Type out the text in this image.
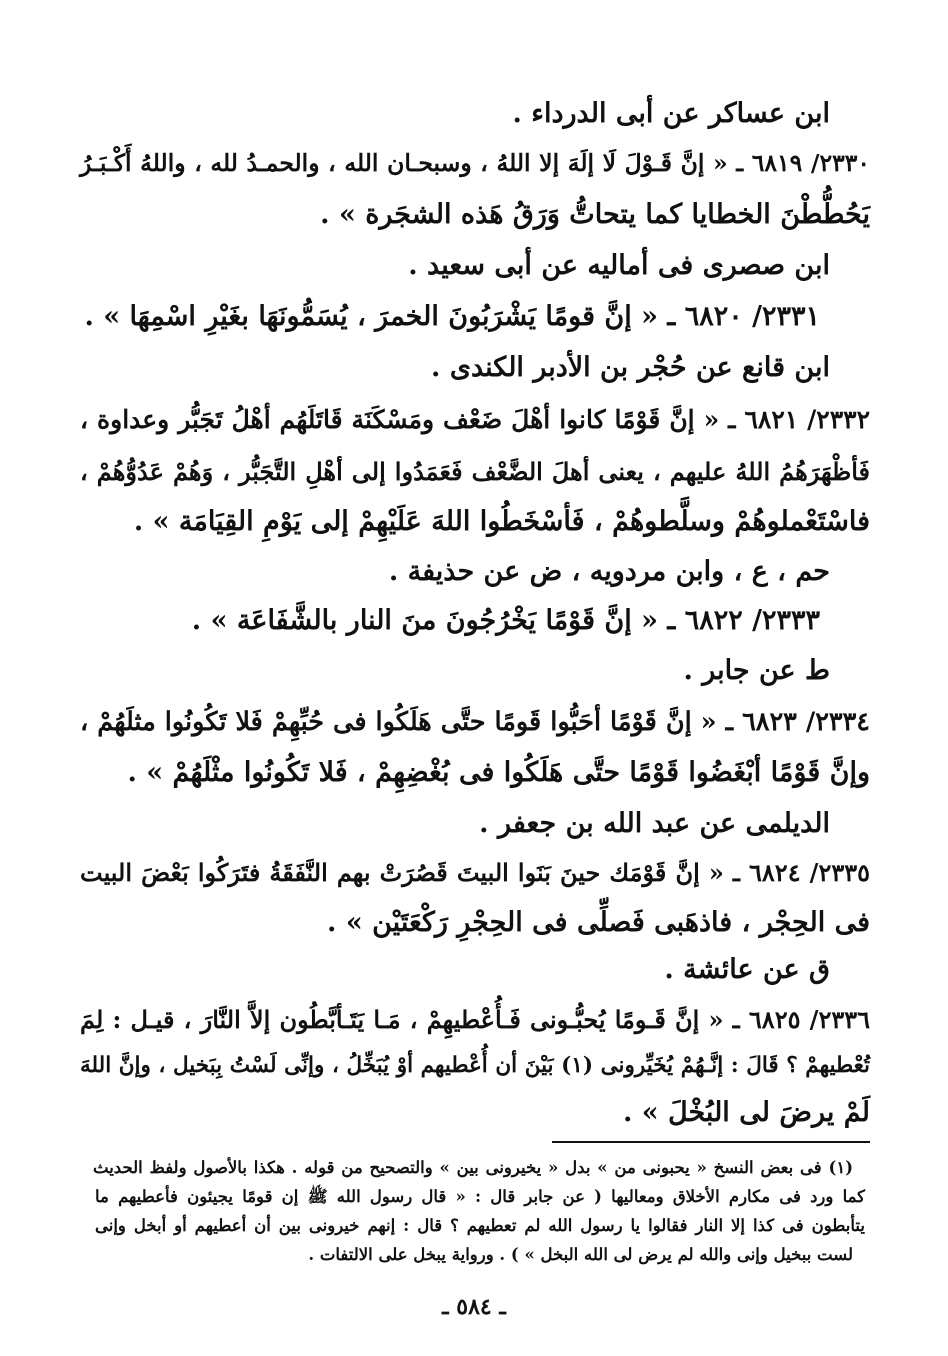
ابن عساكر عن أبى الدرداء .
٢٣٣٠/ ٦٨١٩ ـ « إنَّ قَـوْلَ لَا إلَهَ إلا اللهُ ، وسبحـان الله ، والحمـدُ لله ، واللهُ أَكْـبَـرُ
يَحُطُّطْنَ الخطايا كما يتحاتُّ وَرَقُ هَذه الشجَرة » .
ابن صصرى فى أماليه عن أبى سعيد .
٢٣٣١/ ٦٨٢٠ ـ « إنَّ قومًا يَشْرَبُونَ الخمرَ ، يُسَمُّونَهَا بغَيْرِ اسْمِهَا » .
ابن قانع عن حُجْر بن الأدبر الكندى .
٢٣٣٢/ ٦٨٢١ ـ « إنَّ قَوْمًا كانوا أهْلَ ضَعْف ومَسْكَنَة قَاتَلَهُم أهْلُ تَجَبُّر وعداوة ،
فَأظْهَرَهُمُ اللهُ عليهم ، يعنى أهلَ الضَّعْف فَعَمَدُوا إلى أهْلِ التَّجَبُّر ، وَهُمْ عَدُوُّهُمْ ،
فاسْتَعْملوهُمْ وسلَّطوهُمْ ، فَأسْخَطُوا اللهَ عَلَيْهِمْ إلى يَوْمِ القِيَامَة » .
حم ، ع ، وابن مردويه ، ض عن حذيفة .
٢٣٣٣/ ٦٨٢٢ ـ « إنَّ قَوْمًا يَخْرُجُونَ منَ النار بالشَّفَاعَة » .
ط عن جابر .
٢٣٣٤/ ٦٨٢٣ ـ « إنَّ قَوْمًا أحَبُّوا قَومًا حتَّى هَلَكُوا فى حُبِّهِمْ فَلا تَكُونُوا مثلَهُمْ ،
وإنَّ قَوْمًا أبْغَضُوا قَوْمًا حتَّى هَلَكُوا فى بُغْضِهِمْ ، فَلا تَكُونُوا مثْلَهُمْ » .
الديلمى عن عبد الله بن جعفر .
٢٣٣٥/ ٦٨٢٤ ـ « إنَّ قَوْمَك حينَ بَنَوا البيتَ قَصُرَتْ بهم النَّفَقَةُ فتَرَكُوا بَعْضَ البيت
فى الحِجْر ، فاذهَبى فَصلِّى فى الحِجْرِ رَكْعَتَيْن » .
ق عن عائشة .
٢٣٣٦/ ٦٨٢٥ ـ « إنَّ قَـومًا يُحبُّـونى فَـأُعْطيهِمْ ، مَـا يَتَـأبَّطُون إلاَّ النَّارَ ، قيـل : لِمَ
تُعْطيهمْ ؟ قَالَ : إنَّـهُمْ يُخَيِّرونى (١) بَيْنَ أن أُعْطيهم أوْ يُبَخِّلُ ، وإنِّى لَسْتُ بِبَخيل ، وإنَّ اللهَ
لَمْ يرضَ لى البُخْلَ » .
(١) فى بعض النسخ « يحبونى من » بدل « يخيرونى بين » والتصحيح من قوله . هكذا بالأصول ولفظ الحديث
كما ورد فى مكارم الأخلاق ومعاليها ( عن جابر قال : « قال رسول الله ﷺ إن قومًا يجيئون فأعطيهم ما
يتأبطون فى كذا إلا النار فقالوا يا رسول الله لم تعطيهم ؟ قال : إنهم خيرونى بين أن أعطيهم أو أبخل وإنى
لست ببخيل وإنى والله لم يرض لى الله البخل » ) . ورواية يبخل على الالتفات .
ـ ٥٨٤ ـ
